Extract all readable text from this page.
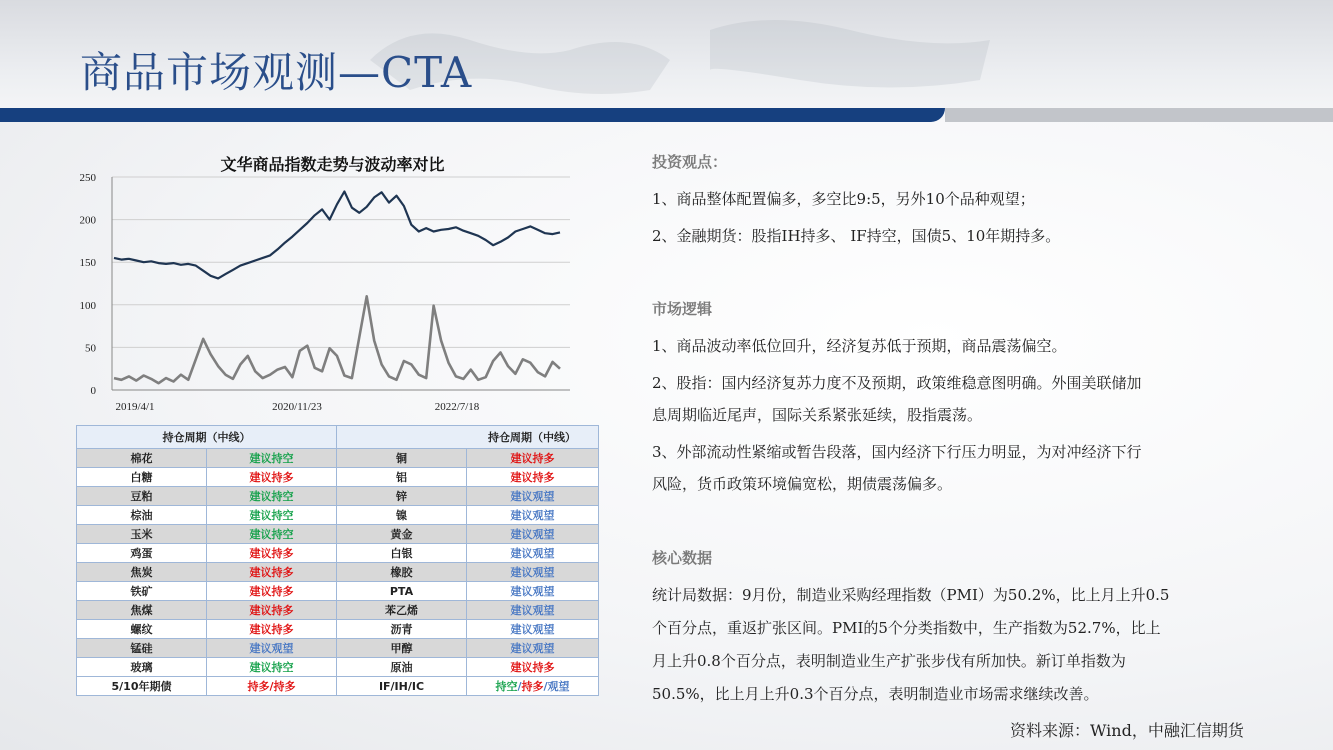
商品市场观测—CTA
文华商品指数走势与波动率对比
0
50
100
150
200
250
2019/4/1	2020/11/23	2022/7/18
持仓周期（中线）		持仓周期（中线）	
棉花	建议持空	铜	建议持多
白糖	建议持多	铝	建议持多
豆粕	建议持空	锌	建议观望
棕油	建议持空	镍	建议观望
玉米	建议持空	黄金	建议观望
鸡蛋	建议持多	白银	建议观望
焦炭	建议持多	橡胶	建议观望
铁矿	建议持多	PTA	建议观望
焦煤	建议持多	苯乙烯	建议观望
螺纹	建议持多	沥青	建议观望
锰硅	建议观望	甲醇	建议观望
玻璃	建议持空	原油	建议持多
5/10年期债	持多/持多	IF/IH/IC	持空/持多/观望
投资观点：
1、商品整体配置偏多，多空比9:5，另外10个品种观望；
2、金融期货：股指IH持多、 IF持空，国债5、10年期持多。
市场逻辑
1、商品波动率低位回升，经济复苏低于预期，商品震荡偏空。
2、股指：国内经济复苏力度不及预期，政策维稳意图明确。外围美联储加
息周期临近尾声，国际关系紧张延续，股指震荡。
3、外部流动性紧缩或暂告段落，国内经济下行压力明显，为对冲经济下行
风险，货币政策环境偏宽松，期债震荡偏多。
核心数据
统计局数据：9月份，制造业采购经理指数（PMI）为50.2%，比上月上升0.5
个百分点，重返扩张区间。PMI的5个分类指数中，生产指数为52.7%，比上
月上升0.8个百分点，表明制造业生产扩张步伐有所加快。新订单指数为
50.5%，比上月上升0.3个百分点，表明制造业市场需求继续改善。
资料来源：Wind，中融汇信期货
